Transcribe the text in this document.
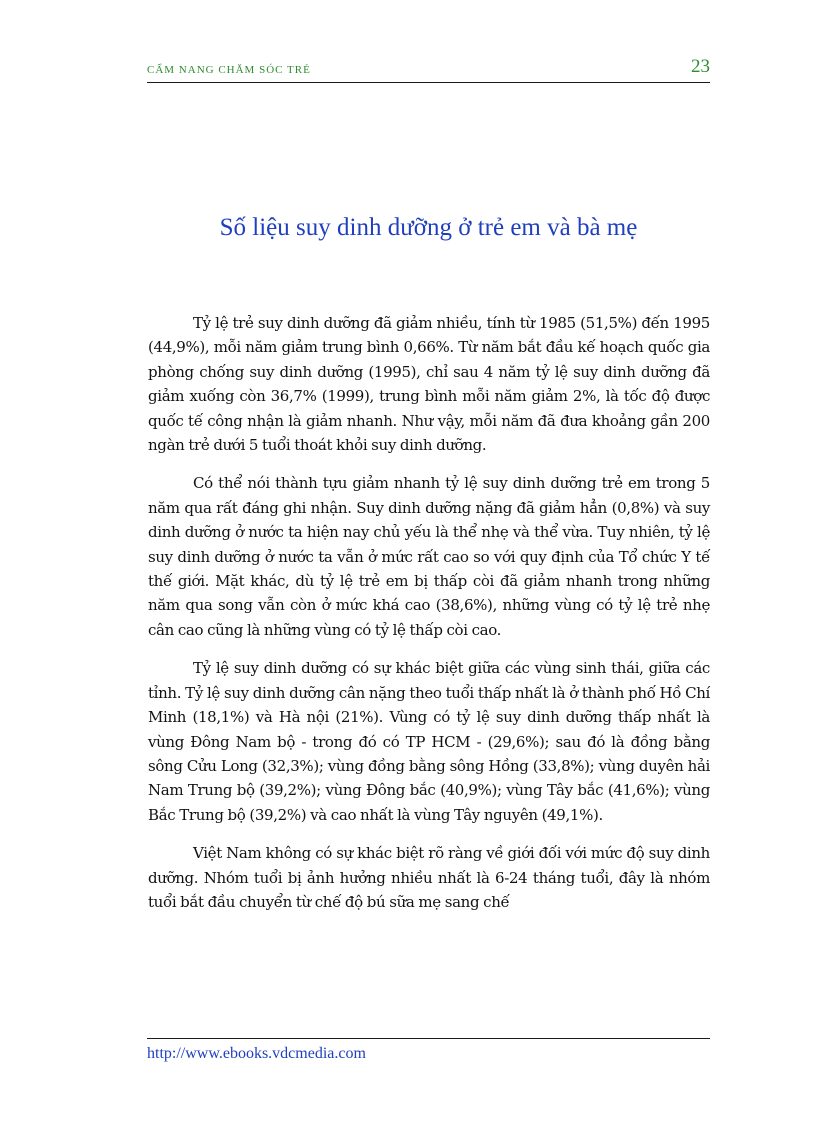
CẨM NANG CHĂM SÓC TRẺ	23
Số liệu suy dinh dưỡng ở trẻ em và bà mẹ

Tỷ lệ trẻ suy dinh dưỡng đã giảm nhiều, tính từ 1985 (51,5%) đến 1995 (44,9%), mỗi năm giảm trung bình 0,66%. Từ năm bắt đầu kế hoạch quốc gia phòng chống suy dinh dưỡng (1995), chỉ sau 4 năm tỷ lệ suy dinh dưỡng đã giảm xuống còn 36,7% (1999), trung bình mỗi năm giảm 2%, là tốc độ được quốc tế công nhận là giảm nhanh. Như vậy, mỗi năm đã đưa khoảng gần 200 ngàn trẻ dưới 5 tuổi thoát khỏi suy dinh dưỡng.

Có thể nói thành tựu giảm nhanh tỷ lệ suy dinh dưỡng trẻ em trong 5 năm qua rất đáng ghi nhận. Suy dinh dưỡng nặng đã giảm hẳn (0,8%) và suy dinh dưỡng ở nước ta hiện nay chủ yếu là thể nhẹ và thể vừa. Tuy nhiên, tỷ lệ suy dinh dưỡng ở nước ta vẫn ở mức rất cao so với quy định của Tổ chức Y tế thế giới. Mặt khác, dù tỷ lệ trẻ em bị thấp còi đã giảm nhanh trong những năm qua song vẫn còn ở mức khá cao (38,6%), những vùng có tỷ lệ trẻ nhẹ cân cao cũng là những vùng có tỷ lệ thấp còi cao.

Tỷ lệ suy dinh dưỡng có sự khác biệt giữa các vùng sinh thái, giữa các tỉnh. Tỷ lệ suy dinh dưỡng cân nặng theo tuổi thấp nhất là ở thành phố Hồ Chí Minh (18,1%) và Hà nội (21%). Vùng có tỷ lệ suy dinh dưỡng thấp nhất là vùng Đông Nam bộ - trong đó có TP HCM - (29,6%); sau đó là đồng bằng sông Cửu Long (32,3%); vùng đồng bằng sông Hồng (33,8%); vùng duyên hải Nam Trung bộ (39,2%); vùng Đông bắc (40,9%); vùng Tây bắc (41,6%); vùng Bắc Trung bộ (39,2%) và cao nhất là vùng Tây nguyên (49,1%).

Việt Nam không có sự khác biệt rõ ràng về giới đối với mức độ suy dinh dưỡng. Nhóm tuổi bị ảnh hưởng nhiều nhất là 6-24 tháng tuổi, đây là nhóm tuổi bắt đầu chuyển từ chế độ bú sữa mẹ sang chế

http://www.ebooks.vdcmedia.com
